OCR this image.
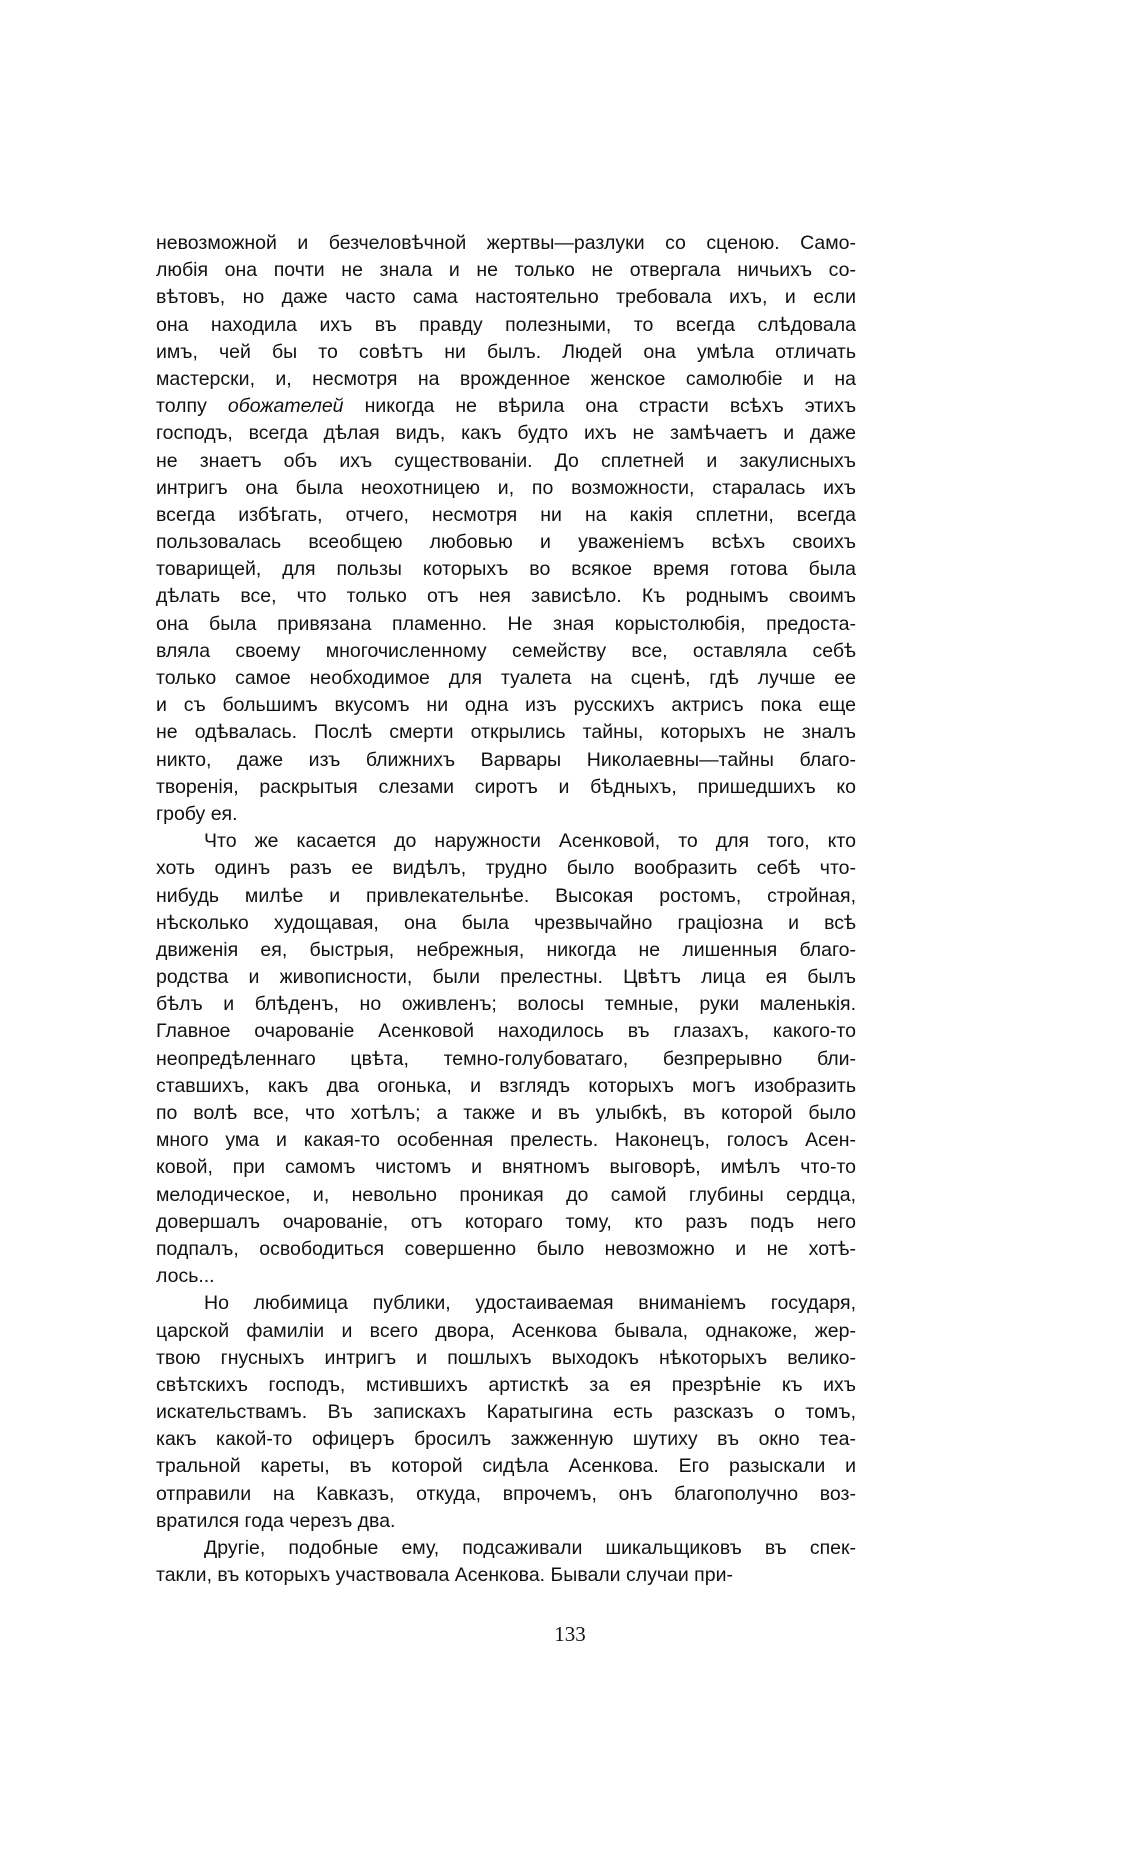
невозможной и безчеловѣчной жертвы—разлуки со сценою. Само-
любія она почти не знала и не только не отвергала ничьихъ со-
вѣтовъ, но даже часто сама настоятельно требовала ихъ, и если
она находила ихъ въ правду полезными, то всегда слѣдовала
имъ, чей бы то совѣтъ ни былъ. Людей она умѣла отличать
мастерски, и, несмотря на врожденное женское самолюбіе и на
толпу обожателей никогда не вѣрила она страсти всѣхъ этихъ
господъ, всегда дѣлая видъ, какъ будто ихъ не замѣчаетъ и даже
не знаетъ объ ихъ существованіи. До сплетней и закулисныхъ
интригъ она была неохотницею и, по возможности, старалась ихъ
всегда избѣгать, отчего, несмотря ни на какія сплетни, всегда
пользовалась всеобщею любовью и уваженіемъ всѣхъ своихъ
товарищей, для пользы которыхъ во всякое время готова была
дѣлать все, что только отъ нея зависѣло. Къ роднымъ своимъ
она была привязана пламенно. Не зная корыстолюбія, предоста-
вляла своему многочисленному семейству все, оставляла себѣ
только самое необходимое для туалета на сценѣ, гдѣ лучше ее
и съ большимъ вкусомъ ни одна изъ русскихъ актрисъ пока еще
не одѣвалась. Послѣ смерти открылись тайны, которыхъ не зналъ
никто, даже изъ ближнихъ Варвары Николаевны—тайны благо-
творенія, раскрытыя слезами сиротъ и бѣдныхъ, пришедшихъ ко
гробу ея.
Что же касается до наружности Асенковой, то для того, кто
хоть одинъ разъ ее видѣлъ, трудно было вообразить себѣ что-
нибудь милѣе и привлекательнѣе. Высокая ростомъ, стройная,
нѣсколько худощавая, она была чрезвычайно граціозна и всѣ
движенія ея, быстрыя, небрежныя, никогда не лишенныя благо-
родства и живописности, были прелестны. Цвѣтъ лица ея былъ
бѣлъ и блѣденъ, но оживленъ; волосы темные, руки маленькія.
Главное очарованіе Асенковой находилось въ глазахъ, какого-то
неопредѣленнаго цвѣта, темно-голубоватаго, безпрерывно бли-
ставшихъ, какъ два огонька, и взглядъ которыхъ могъ изобразить
по волѣ все, что хотѣлъ; а также и въ улыбкѣ, въ которой было
много ума и какая-то особенная прелесть. Наконецъ, голосъ Асен-
ковой, при самомъ чистомъ и внятномъ выговорѣ, имѣлъ что-то
мелодическое, и, невольно проникая до самой глубины сердца,
довершалъ очарованіе, отъ котораго тому, кто разъ подъ него
подпалъ, освободиться совершенно было невозможно и не хотѣ-
лось...
Но любимица публики, удостаиваемая вниманіемъ государя,
царской фамиліи и всего двора, Асенкова бывала, однакоже, жер-
твою гнусныхъ интригъ и пошлыхъ выходокъ нѣкоторыхъ велико-
свѣтскихъ господъ, мстившихъ артисткѣ за ея презрѣніе къ ихъ
искательствамъ. Въ запискахъ Каратыгина есть разсказъ о томъ,
какъ какой-то офицеръ бросилъ зажженную шутиху въ окно теа-
тральной кареты, въ которой сидѣла Асенкова. Его разыскали и
отправили на Кавказъ, откуда, впрочемъ, онъ благополучно воз-
вратился года черезъ два.
Другіе, подобные ему, подсаживали шикальщиковъ въ спек-
такли, въ которыхъ участвовала Асенкова. Бывали случаи при-
133
